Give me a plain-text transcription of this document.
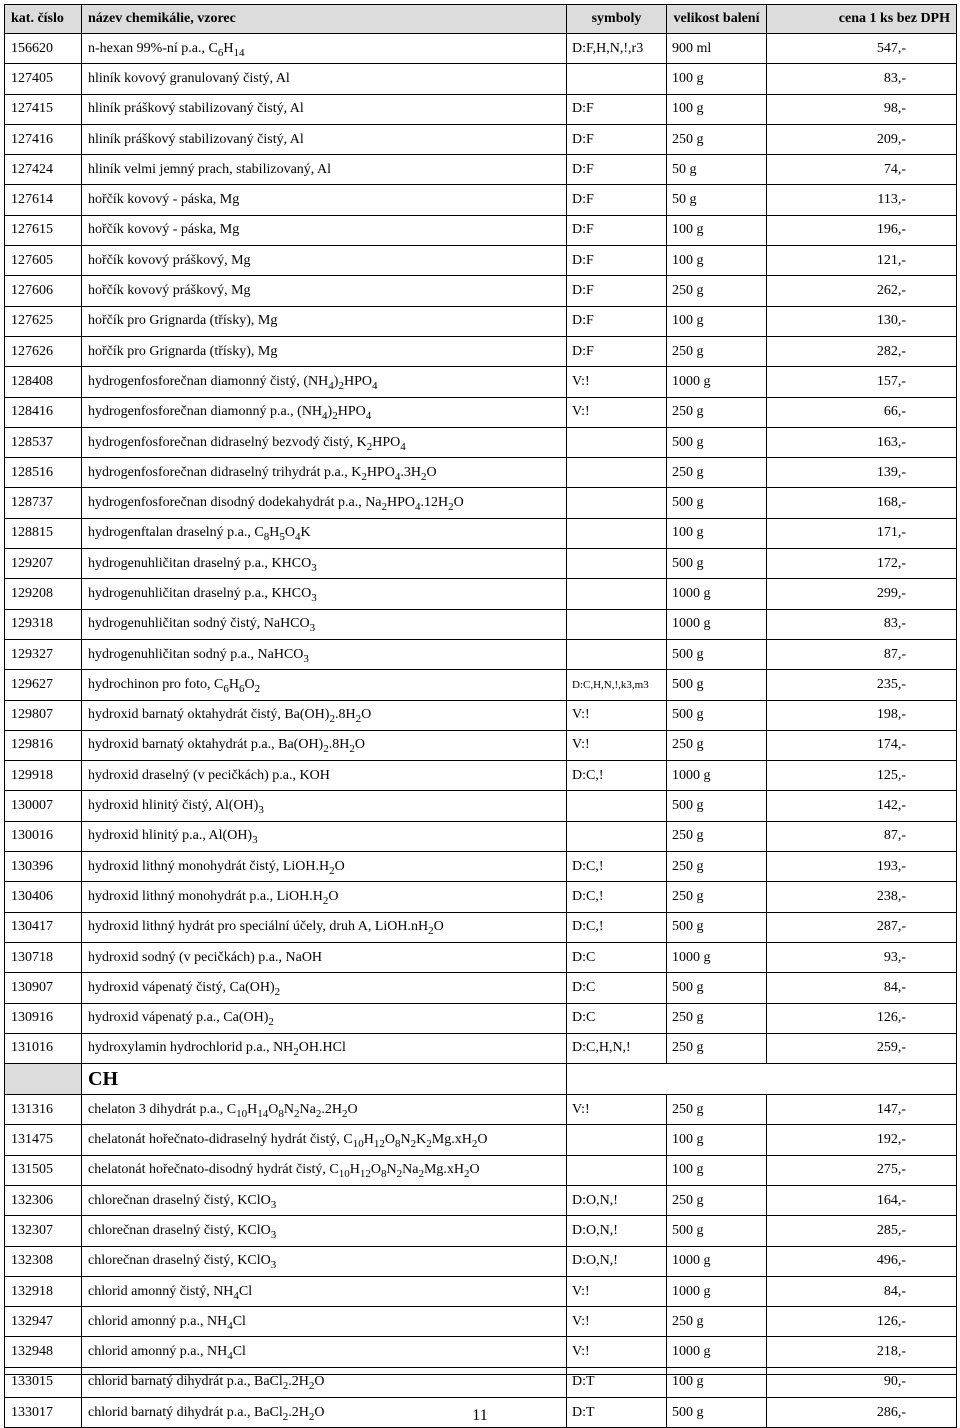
kat. číslo	název chemikálie, vzorec	symboly	velikost balení	cena 1 ks bez DPH
156620	n-hexan 99%-ní p.a., $C_6H_{14}$	D:F,H,N,!,r3	900 ml	547,-
127405	hliník kovový granulovaný čistý, Al		100 g	83,-
127415	hliník práškový stabilizovaný čistý, Al	D:F	100 g	98,-
127416	hliník práškový stabilizovaný čistý, Al	D:F	250 g	209,-
127424	hliník velmi jemný prach, stabilizovaný, Al	D:F	50 g	74,-
127614	hořčík kovový - páska, Mg	D:F	50 g	113,-
127615	hořčík kovový - páska, Mg	D:F	100 g	196,-
127605	hořčík kovový práškový, Mg	D:F	100 g	121,-
127606	hořčík kovový práškový, Mg	D:F	250 g	262,-
127625	hořčík pro Grignarda (třísky), Mg	D:F	100 g	130,-
127626	hořčík pro Grignarda (třísky), Mg	D:F	250 g	282,-
128408	hydrogenfosforečnan diamonný čistý, $(NH_4)_2HPO_4$	V:!	1000 g	157,-
128416	hydrogenfosforečnan diamonný p.a., $(NH_4)_2HPO_4$	V:!	250 g	66,-
128537	hydrogenfosforečnan didraselný bezvodý čistý, $K_2HPO_4$		500 g	163,-
128516	hydrogenfosforečnan didraselný trihydrát p.a., $K_2HPO_4.3H_2O$		250 g	139,-
128737	hydrogenfosforečnan disodný dodekahydrát p.a., $Na_2HPO_4.12H_2O$		500 g	168,-
128815	hydrogenftalan draselný p.a., $C_8H_5O_4K$		100 g	171,-
129207	hydrogenuhličitan draselný p.a., $KHCO_3$		500 g	172,-
129208	hydrogenuhličitan draselný p.a., $KHCO_3$		1000 g	299,-
129318	hydrogenuhličitan sodný čistý, NaHCO$_3$		1000 g	83,-
129327	hydrogenuhličitan sodný p.a., NaHCO$_3$		500 g	87,-
129627	hydrochinon pro foto, $C_6H_6O_2$	D:C,H,N,!,k3,m3	500 g	235,-
129807	hydroxid barnatý oktahydrát čistý, $Ba(OH)_2.8H_2O$	V:!	500 g	198,-
129816	hydroxid barnatý oktahydrát p.a., $Ba(OH)_2.8H_2O$	V:!	250 g	174,-
129918	hydroxid draselný (v pecičkách) p.a., KOH	D:C,!	1000 g	125,-
130007	hydroxid hlinitý čistý, $Al(OH)_3$		500 g	142,-
130016	hydroxid hlinitý p.a., $Al(OH)_3$		250 g	87,-
130396	hydroxid lithný monohydrát čistý, $LiOH.H_2O$	D:C,!	250 g	193,-
130406	hydroxid lithný monohydrát p.a., $LiOH.H_2O$	D:C,!	250 g	238,-
130417	hydroxid lithný hydrát pro speciální účely, druh A, $LiOH.nH_2O$	D:C,!	500 g	287,-
130718	hydroxid sodný (v pecičkách) p.a., NaOH	D:C	1000 g	93,-
130907	hydroxid vápenatý čistý, $Ca(OH)_2$	D:C	500 g	84,-
130916	hydroxid vápenatý p.a., $Ca(OH)_2$	D:C	250 g	126,-
131016	hydroxylamin hydrochlorid p.a., $NH_2OH.HCl$	D:C,H,N,!	250 g	259,-
	CH			
131316	chelaton 3 dihydrát p.a., $C_{10}H_{14}O_8N_2Na_2.2H_2O$	V:!	250 g	147,-
131475	chelatonát hořečnato-didraselný hydrát čistý, $C_{10}H_{12}O_8N_2K_2Mg.xH_2O$		100 g	192,-
131505	chelatonát hořečnato-disodný hydrát čistý, $C_{10}H_{12}O_8N_2Na_2Mg.xH_2O$		100 g	275,-
132306	chlorečnan draselný čistý, KClO$_3$	D:O,N,!	250 g	164,-
132307	chlorečnan draselný čistý, KClO$_3$	D:O,N,!	500 g	285,-
132308	chlorečnan draselný čistý, KClO$_3$	D:O,N,!	1000 g	496,-
132918	chlorid amonný čistý, $NH_4Cl$	V:!	1000 g	84,-
132947	chlorid amonný p.a., $NH_4Cl$	V:!	250 g	126,-
132948	chlorid amonný p.a., $NH_4Cl$	V:!	1000 g	218,-
133015	chlorid barnatý dihydrát p.a., $BaCl_2.2H_2O$	D:T	100 g	90,-
133017	chlorid barnatý dihydrát p.a., $BaCl_2.2H_2O$	D:T	500 g	286,-
11
